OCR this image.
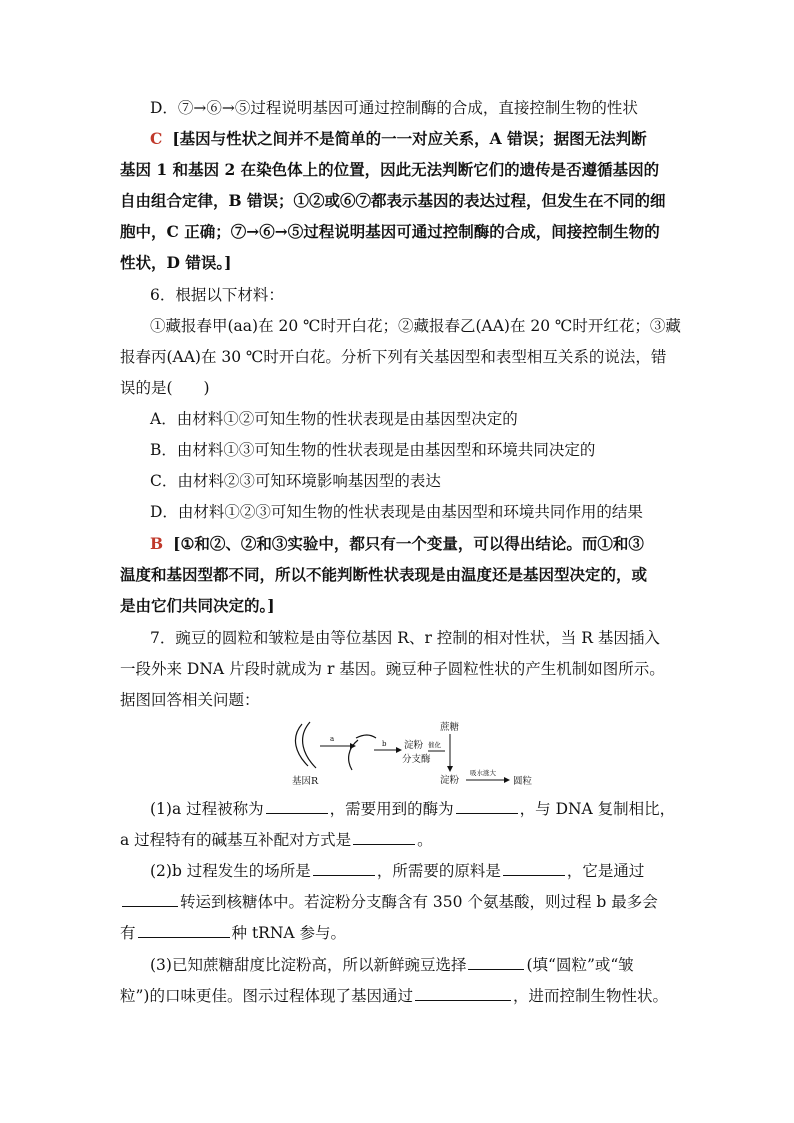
D．⑦→⑥→⑤过程说明基因可通过控制酶的合成，直接控制生物的性状
C [基因与性状之间并不是简单的一一对应关系，A 错误；据图无法判断
基因 1 和基因 2 在染色体上的位置，因此无法判断它们的遗传是否遵循基因的
自由组合定律，B 错误；①②或⑥⑦都表示基因的表达过程，但发生在不同的细
胞中，C 正确；⑦→⑥→⑤过程说明基因可通过控制酶的合成，间接控制生物的
性状，D 错误。]
6．根据以下材料：
①藏报春甲(aa)在 20 ℃时开白花；②藏报春乙(AA)在 20 ℃时开红花；③藏
报春丙(AA)在 30 ℃时开白花。分析下列有关基因型和表型相互关系的说法，错
误的是(　　)
A．由材料①②可知生物的性状表现是由基因型决定的
B．由材料①③可知生物的性状表现是由基因型和环境共同决定的
C．由材料②③可知环境影响基因型的表达
D．由材料①②③可知生物的性状表现是由基因型和环境共同作用的结果
B [①和②、②和③实验中，都只有一个变量，可以得出结论。而①和③
温度和基因型都不同，所以不能判断性状表现是由温度还是基因型决定的，或
是由它们共同决定的。]
7．豌豆的圆粒和皱粒是由等位基因 R、r 控制的相对性状，当 R 基因插入
一段外来 DNA 片段时就成为 r 基因。豌豆种子圆粒性状的产生机制如图所示。
据图回答相关问题：
a
b 淀粉
分支酶
催化
蔗糖
淀粉
吸水涨大
圆粒
基因R
(1)a 过程被称为	，需要用到的酶为	，与 DNA 复制相比，
a 过程特有的碱基互补配对方式是	。
(2)b 过程发生的场所是	，所需要的原料是	，它是通过
转运到核糖体中。若淀粉分支酶含有 350 个氨基酸，则过程 b 最多会
有	种 tRNA 参与。
(3)已知蔗糖甜度比淀粉高，所以新鲜豌豆选择	(填“圆粒”或“皱
粒”)的口味更佳。图示过程体现了基因通过	，进而控制生物性状。
